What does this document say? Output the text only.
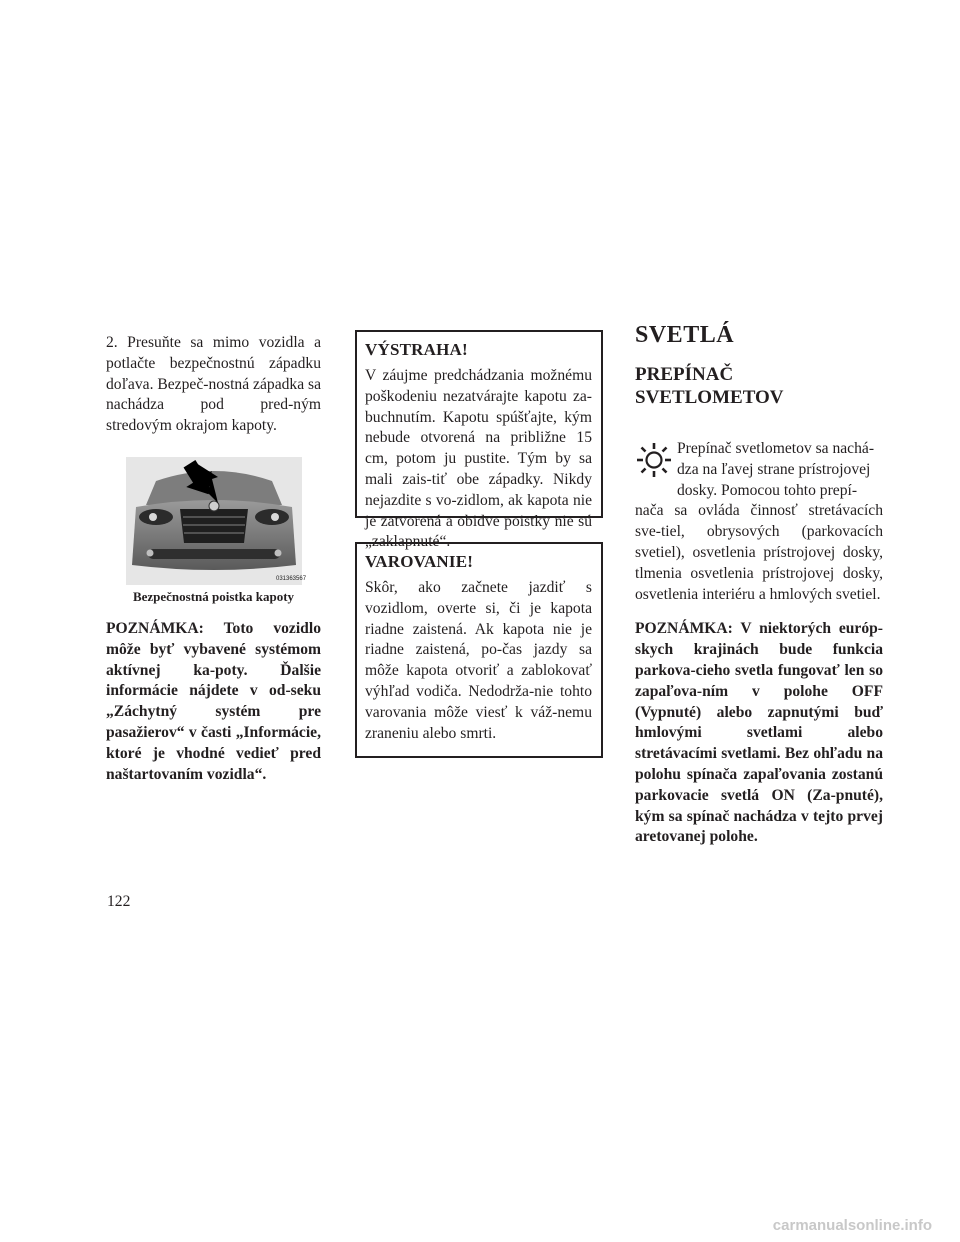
2. Presuňte sa mimo vozidla a potlačte bezpečnostnú západku doľava. Bezpeč-nostná západka sa nachádza pod pred-ným stredovým okrajom kapoty.

031363567
Bezpečnostná poistka kapoty

POZNÁMKA: Toto vozidlo môže byť vybavené systémom aktívnej ka-poty. Ďalšie informácie nájdete v od-seku „Záchytný systém pre pasažierov“ v časti „Informácie, ktoré je vhodné vedieť pred naštartovaním vozidla“.

VÝSTRAHA!

V záujme predchádzania možnému poškodeniu nezatvárajte kapotu za-buchnutím. Kapotu spúšťajte, kým nebude otvorená na približne 15 cm, potom ju pustite. Tým by sa mali zais-tiť obe západky. Nikdy nejazdite s vo-zidlom, ak kapota nie je zatvorená a obidve poistky nie sú „zaklapnuté“.

VAROVANIE!

Skôr, ako začnete jazdiť s vozidlom, overte si, či je kapota riadne zaistená. Ak kapota nie je riadne zaistená, po-čas jazdy sa môže kapota otvoriť a zablokovať výhľad vodiča. Nedodrža-nie tohto varovania môže viesť k váž-nemu zraneniu alebo smrti.

SVETLÁ
PREPÍNAČ
SVETLOMETOV

Prepínač svetlometov sa nachá-

dza na ľavej strane prístrojovej

dosky. Pomocou tohto prepí-

nača sa ovláda činnosť stretávacích sve-tiel, obrysových (parkovacích svetiel), osvetlenia prístrojovej dosky, tlmenia osvetlenia prístrojovej dosky, osvetlenia interiéru a hmlových svetiel.

POZNÁMKA: V niektorých európ-skych krajinách bude funkcia parkova-cieho svetla fungovať len so zapaľova-ním v polohe OFF (Vypnuté) alebo zapnutými buď hmlovými svetlami alebo stretávacími svetlami. Bez ohľadu na polohu spínača zapaľovania zostanú parkovacie svetlá ON (Za-pnuté), kým sa spínač nachádza v tejto prvej aretovanej polohe.

122
carmanualsonline.info
